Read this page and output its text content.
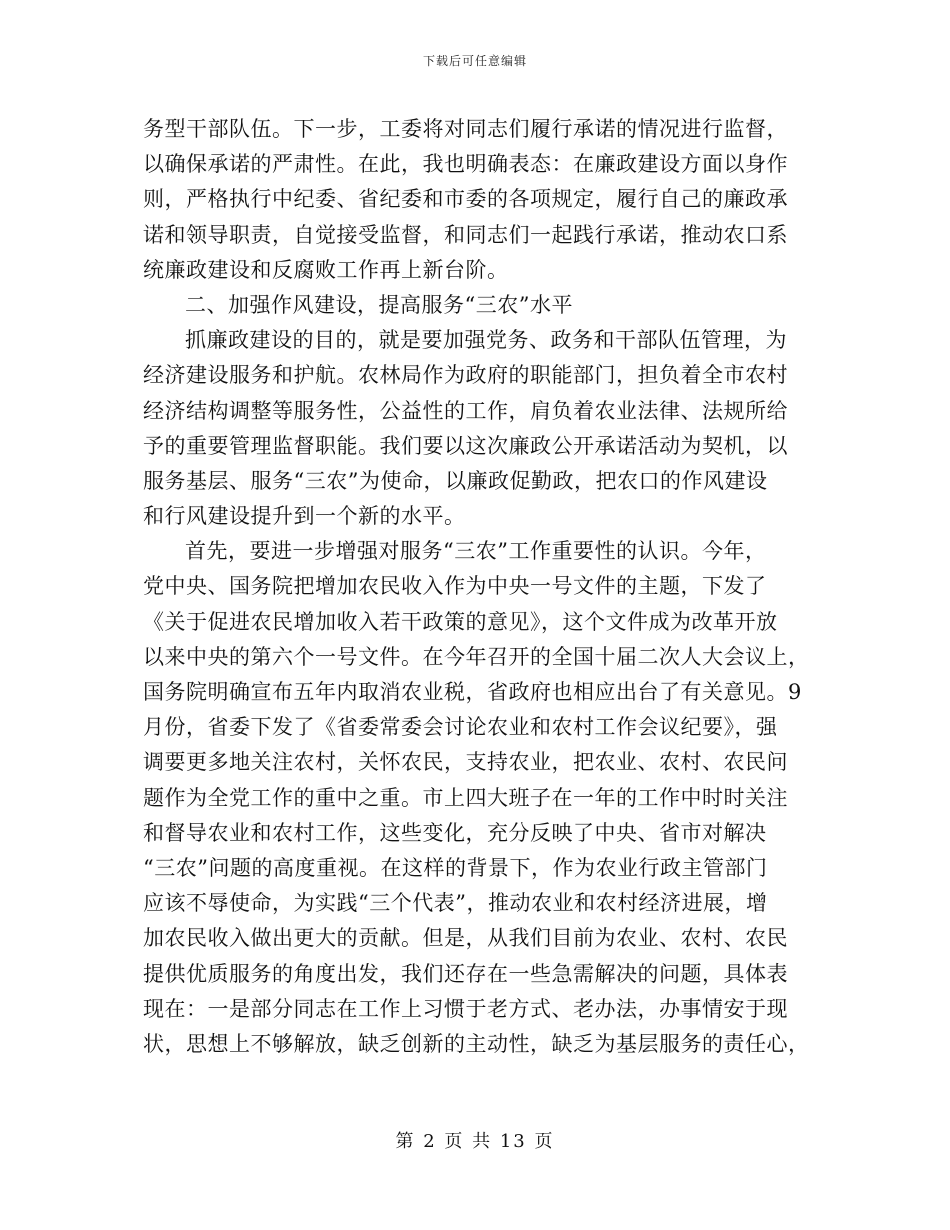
下载后可任意编辑
务型干部队伍。下一步，工委将对同志们履行承诺的情况进行监督，
以确保承诺的严肃性。在此，我也明确表态：在廉政建设方面以身作
则，严格执行中纪委、省纪委和市委的各项规定，履行自己的廉政承
诺和领导职责，自觉接受监督，和同志们一起践行承诺，推动农口系
统廉政建设和反腐败工作再上新台阶。
二、加强作风建设，提高服务“三农”水平
抓廉政建设的目的，就是要加强党务、政务和干部队伍管理，为
经济建设服务和护航。农林局作为政府的职能部门，担负着全市农村
经济结构调整等服务性，公益性的工作，肩负着农业法律、法规所给
予的重要管理监督职能。我们要以这次廉政公开承诺活动为契机，以
服务基层、服务“三农”为使命，以廉政促勤政，把农口的作风建设
和行风建设提升到一个新的水平。
首先，要进一步增强对服务“三农”工作重要性的认识。今年，
党中央、国务院把增加农民收入作为中央一号文件的主题，下发了
《关于促进农民增加收入若干政策的意见》，这个文件成为改革开放
以来中央的第六个一号文件。在今年召开的全国十届二次人大会议上，
国务院明确宣布五年内取消农业税，省政府也相应出台了有关意见。9
月份，省委下发了《省委常委会讨论农业和农村工作会议纪要》，强
调要更多地关注农村，关怀农民，支持农业，把农业、农村、农民问
题作为全党工作的重中之重。市上四大班子在一年的工作中时时关注
和督导农业和农村工作，这些变化，充分反映了中央、省市对解决
“三农”问题的高度重视。在这样的背景下，作为农业行政主管部门
应该不辱使命，为实践“三个代表”，推动农业和农村经济进展，增
加农民收入做出更大的贡献。但是，从我们目前为农业、农村、农民
提供优质服务的角度出发，我们还存在一些急需解决的问题，具体表
现在：一是部分同志在工作上习惯于老方式、老办法，办事情安于现
状，思想上不够解放，缺乏创新的主动性，缺乏为基层服务的责任心，
第 2 页 共 13 页
